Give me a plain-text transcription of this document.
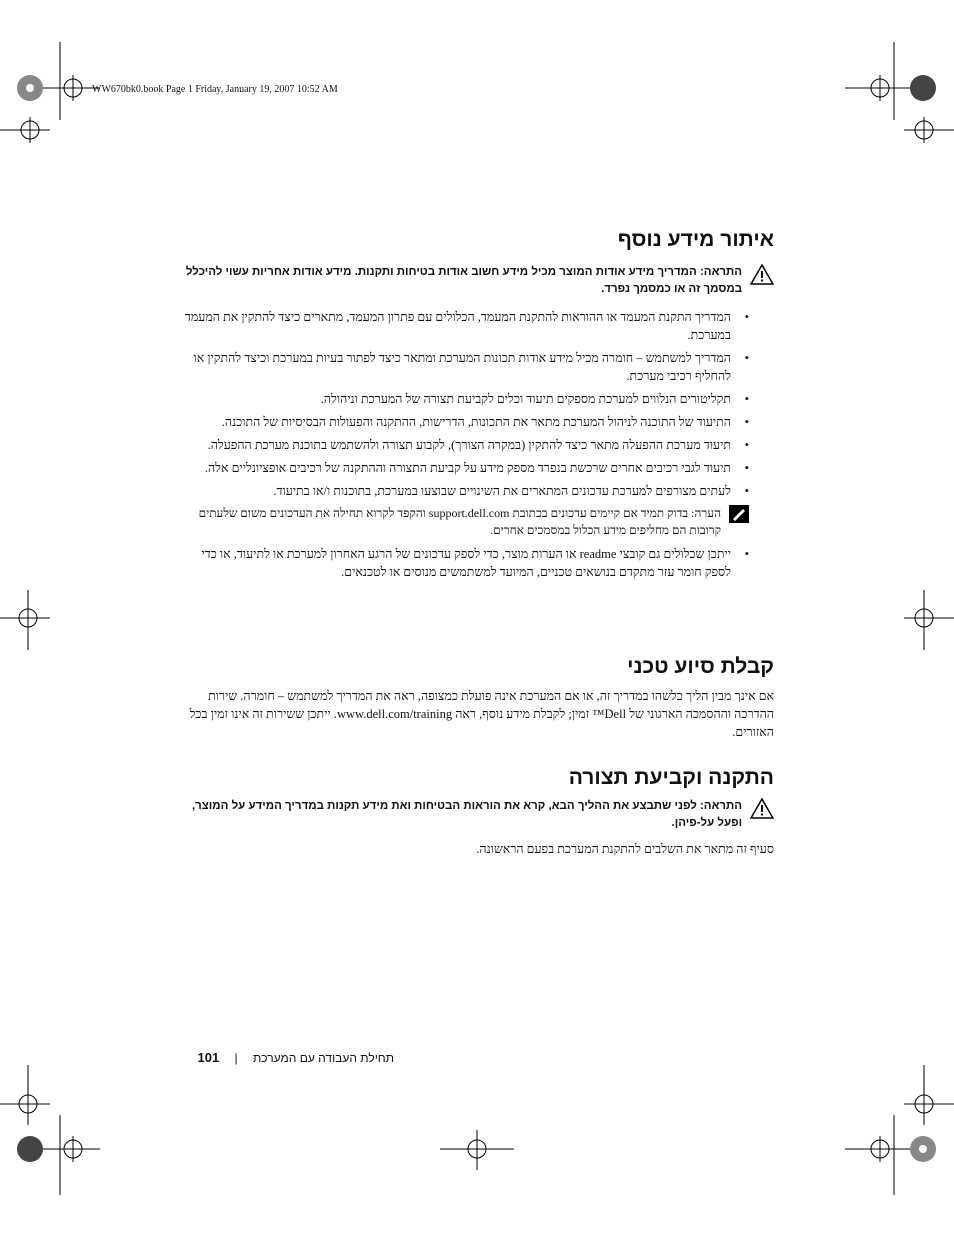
WW670bk0.book Page 1 Friday, January 19, 2007 10:52 AM
איתור מידע נוסף
התראה: המדריך מידע אודות המוצר מכיל מידע חשוב אודות בטיחות ותקנות. מידע אודות אחריות עשוי להיכלל במסמך זה או כמסמך נפרד.
•
המדריך התקנת המעמד או ההוראות להתקנת המעמד, הכלולים עם פתרון המעמד, מתארים כיצד להתקין את המעמד במערכת.
•
המדריך למשתמש – חומרה מכיל מידע אודות תכונות המערכת ומתאר כיצד לפתור בעיות במערכת וכיצד להתקין או להחליף רכיבי מערכת.
•
תקליטורים הנלווים למערכת מספקים תיעוד וכלים לקביעת תצורה של המערכת וניהולה.
•
התיעוד של התוכנה לניהול המערכת מתאר את התכונות, הדרישות, ההתקנה והפעולות הבסיסיות של התוכנה.
•
תיעוד מערכת ההפעלה מתאר כיצד להתקין (במקרה הצורך), לקבוע תצורה ולהשתמש בתוכנת מערכת ההפעלה.
•
תיעוד לגבי רכיבים אחרים שרכשת בנפרד מספק מידע על קביעת התצורה וההתקנה של רכיבים אופציונליים אלה.
•
לעתים מצורפים למערכת עדכונים המתארים את השינויים שבוצעו במערכת, בתוכנות ו/או בתיעוד.
הערה: בדוק תמיד אם קיימים עדכונים בכתובת support.dell.com והקפד לקרוא תחילה את העדכונים משום שלעתים קרובות הם מחליפים מידע הכלול במסמכים אחרים.
•
ייתכן שכלולים גם קובצי readme או הערות מוצר, כדי לספק עדכונים של הרגע האחרון למערכת או לתיעוד, או כדי לספק חומר עזר מתקדם בנושאים טכניים, המיועד למשתמשים מנוסים או לטכנאים.
קבלת סיוע טכני
אם אינך מבין הליך כלשהו במדריך זה, או אם המערכת אינה פועלת כמצופה, ראה את המדריך למשתמש – חומרה. שירות ההדרכה וההסמכה הארגוני של Dell™ זמין; לקבלת מידע נוסף, ראה www.dell.com/training. ייתכן ששירות זה אינו זמין בכל האזורים.
התקנה וקביעת תצורה
התראה: לפני שתבצע את ההליך הבא, קרא את הוראות הבטיחות ואת מידע תקנות במדריך המידע על המוצר, ופעל על-פיהן.
סעיף זה מתאר את השלבים להתקנת המערכת בפעם הראשונה.
תחילת העבודה עם המערכת | 101
